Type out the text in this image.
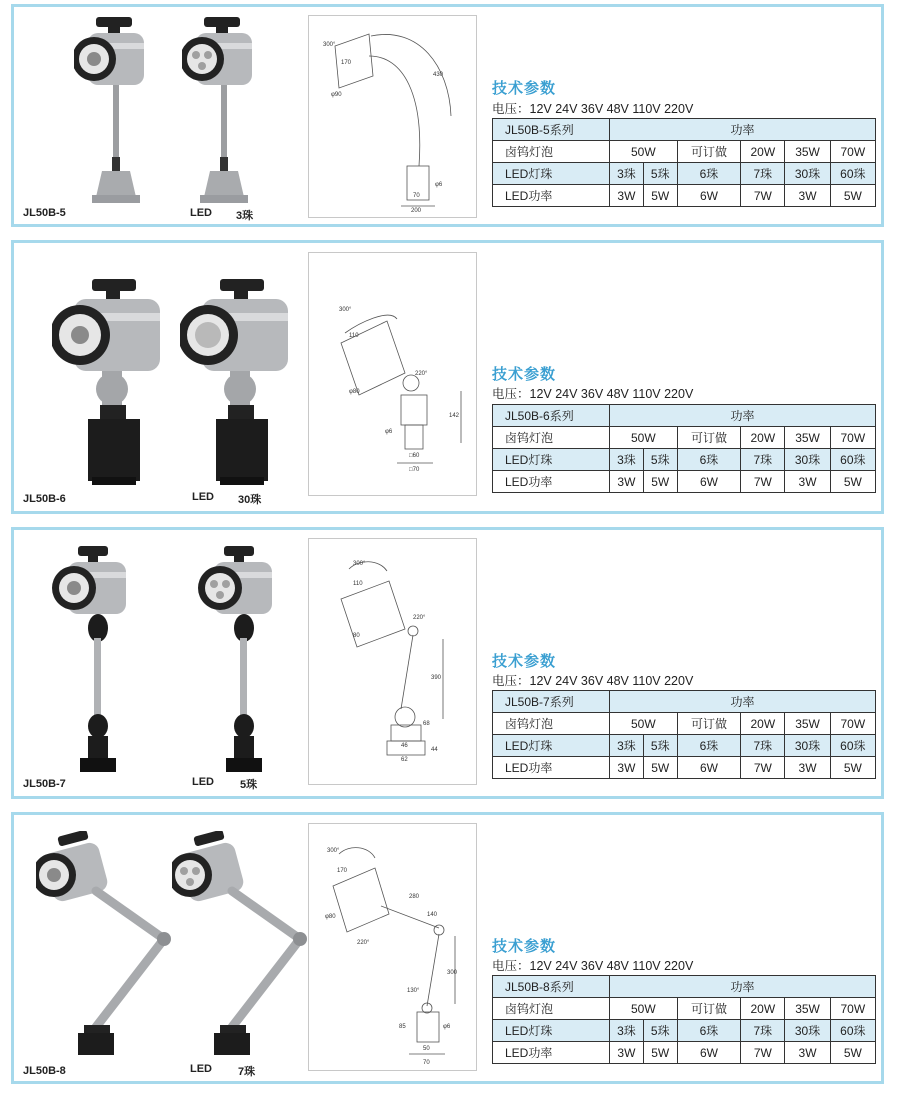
JL50B-5	LED 3珠
300°
170
φ90
430
φ6
70
200
技术参数
电压：12V 24V 36V 48V 110V 220V
JL50B-5系列	功率					
卤钨灯泡	50W		可订做	20W	35W	70W
LED灯珠	3珠	5珠	6珠	7珠	30珠	60珠
LED功率	3W	5W	6W	7W	3W	5W
JL50B-6	LED 30珠
300°
110
220°
φ80
142
φ6
□60
□70
技术参数
电压：12V 24V 36V 48V 110V 220V
JL50B-6系列	功率					
卤钨灯泡	50W		可订做	20W	35W	70W
LED灯珠	3珠	5珠	6珠	7珠	30珠	60珠
LED功率	3W	5W	6W	7W	3W	5W
JL50B-7	LED 5珠
300°
110
220°
80
390
68
44
46
62
技术参数
电压：12V 24V 36V 48V 110V 220V
JL50B-7系列	功率					
卤钨灯泡	50W		可订做	20W	35W	70W
LED灯珠	3珠	5珠	6珠	7珠	30珠	60珠
LED功率	3W	5W	6W	7W	3W	5W
JL50B-8	LED 7珠
300°
170
φ80
280
220°
140
130°
300
85	φ6
50
70
技术参数
电压：12V 24V 36V 48V 110V 220V
JL50B-8系列	功率					
卤钨灯泡	50W		可订做	20W	35W	70W
LED灯珠	3珠	5珠	6珠	7珠	30珠	60珠
LED功率	3W	5W	6W	7W	3W	5W
